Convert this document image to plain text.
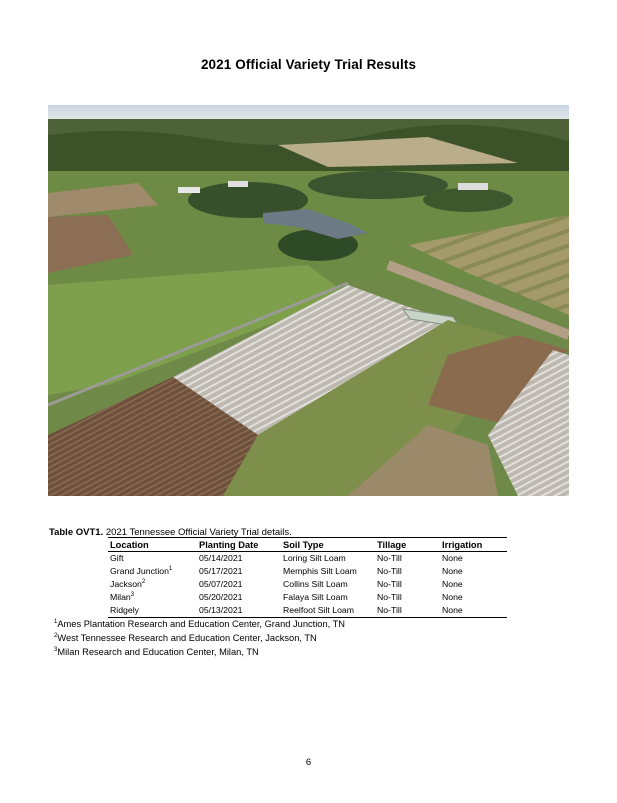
2021 Official Variety Trial Results
Table OVT1. 2021 Tennessee Official Variety Trial details.
Location	Planting Date	Soil Type	Tillage	Irrigation
Gift	05/14/2021	Loring Silt Loam	No-Till	None
Grand Junction$^1$	05/17/2021	Memphis Silt Loam	No-Till	None
Jackson$^2$	05/07/2021	Collins Silt Loam	No-Till	None
Milan$^3$	05/20/2021	Falaya Silt Loam	No-Till	None
Ridgely	05/13/2021	Reelfoot Silt Loam	No-Till	None
$^1$Ames Plantation Research and Education Center, Grand Junction, TN
$^2$West Tennessee Research and Education Center, Jackson, TN
$^3$Milan Research and Education Center, Milan, TN
6
